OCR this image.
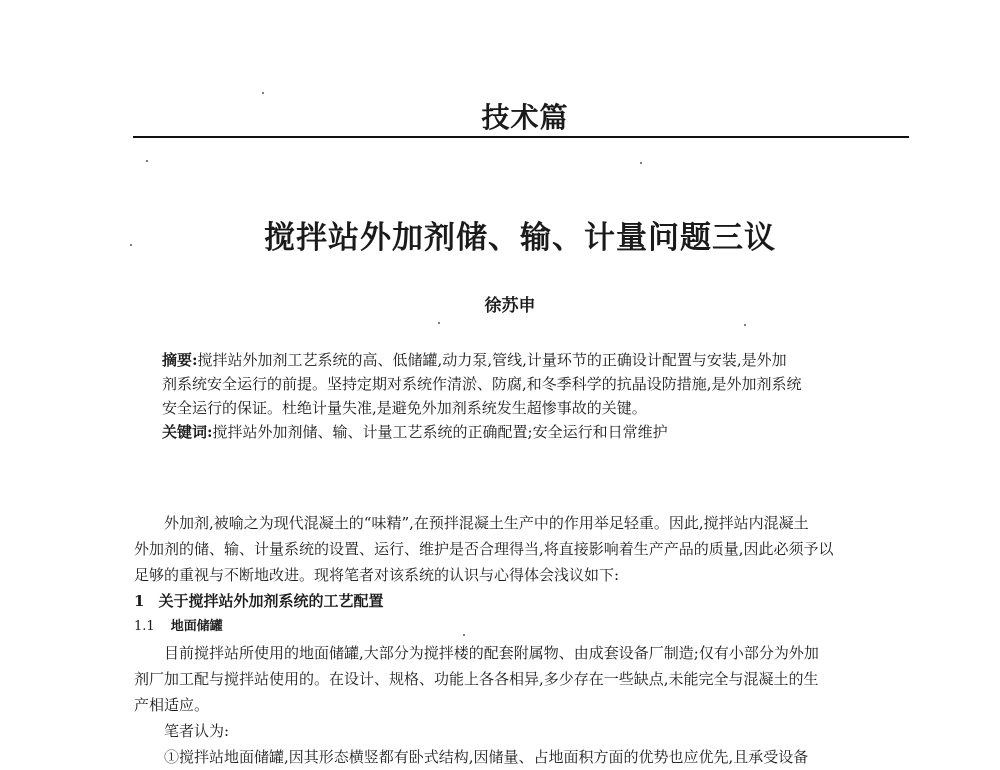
技术篇
搅拌站外加剂储、输、计量问题三议
徐苏申
摘要:搅拌站外加剂工艺系统的高、低储罐,动力泵,管线,计量环节的正确设计配置与安装,是外加
剂系统安全运行的前提。坚持定期对系统作清淤、防腐,和冬季科学的抗晶设防措施,是外加剂系统
安全运行的保证。杜绝计量失准,是避免外加剂系统发生超惨事故的关键。
关键词:搅拌站外加剂储、输、计量工艺系统的正确配置;安全运行和日常维护
外加剂,被喻之为现代混凝土的“味精”,在预拌混凝土生产中的作用举足轻重。因此,搅拌站内混凝土
外加剂的储、输、计量系统的设置、运行、维护是否合理得当,将直接影响着生产产品的质量,因此必须予以
足够的重视与不断地改进。现将笔者对该系统的认识与心得体会浅议如下:
1 关于搅拌站外加剂系统的工艺配置
1.1 地面储罐
目前搅拌站所使用的地面储罐,大部分为搅拌楼的配套附属物、由成套设备厂制造;仅有小部分为外加
剂厂加工配与搅拌站使用的。在设计、规格、功能上各各相异,多少存在一些缺点,未能完全与混凝土的生
产相适应。
笔者认为:
①搅拌站地面储罐,因其形态横竖都有卧式结构,因储量、占地面积方面的优势也应优先,且承受设备
